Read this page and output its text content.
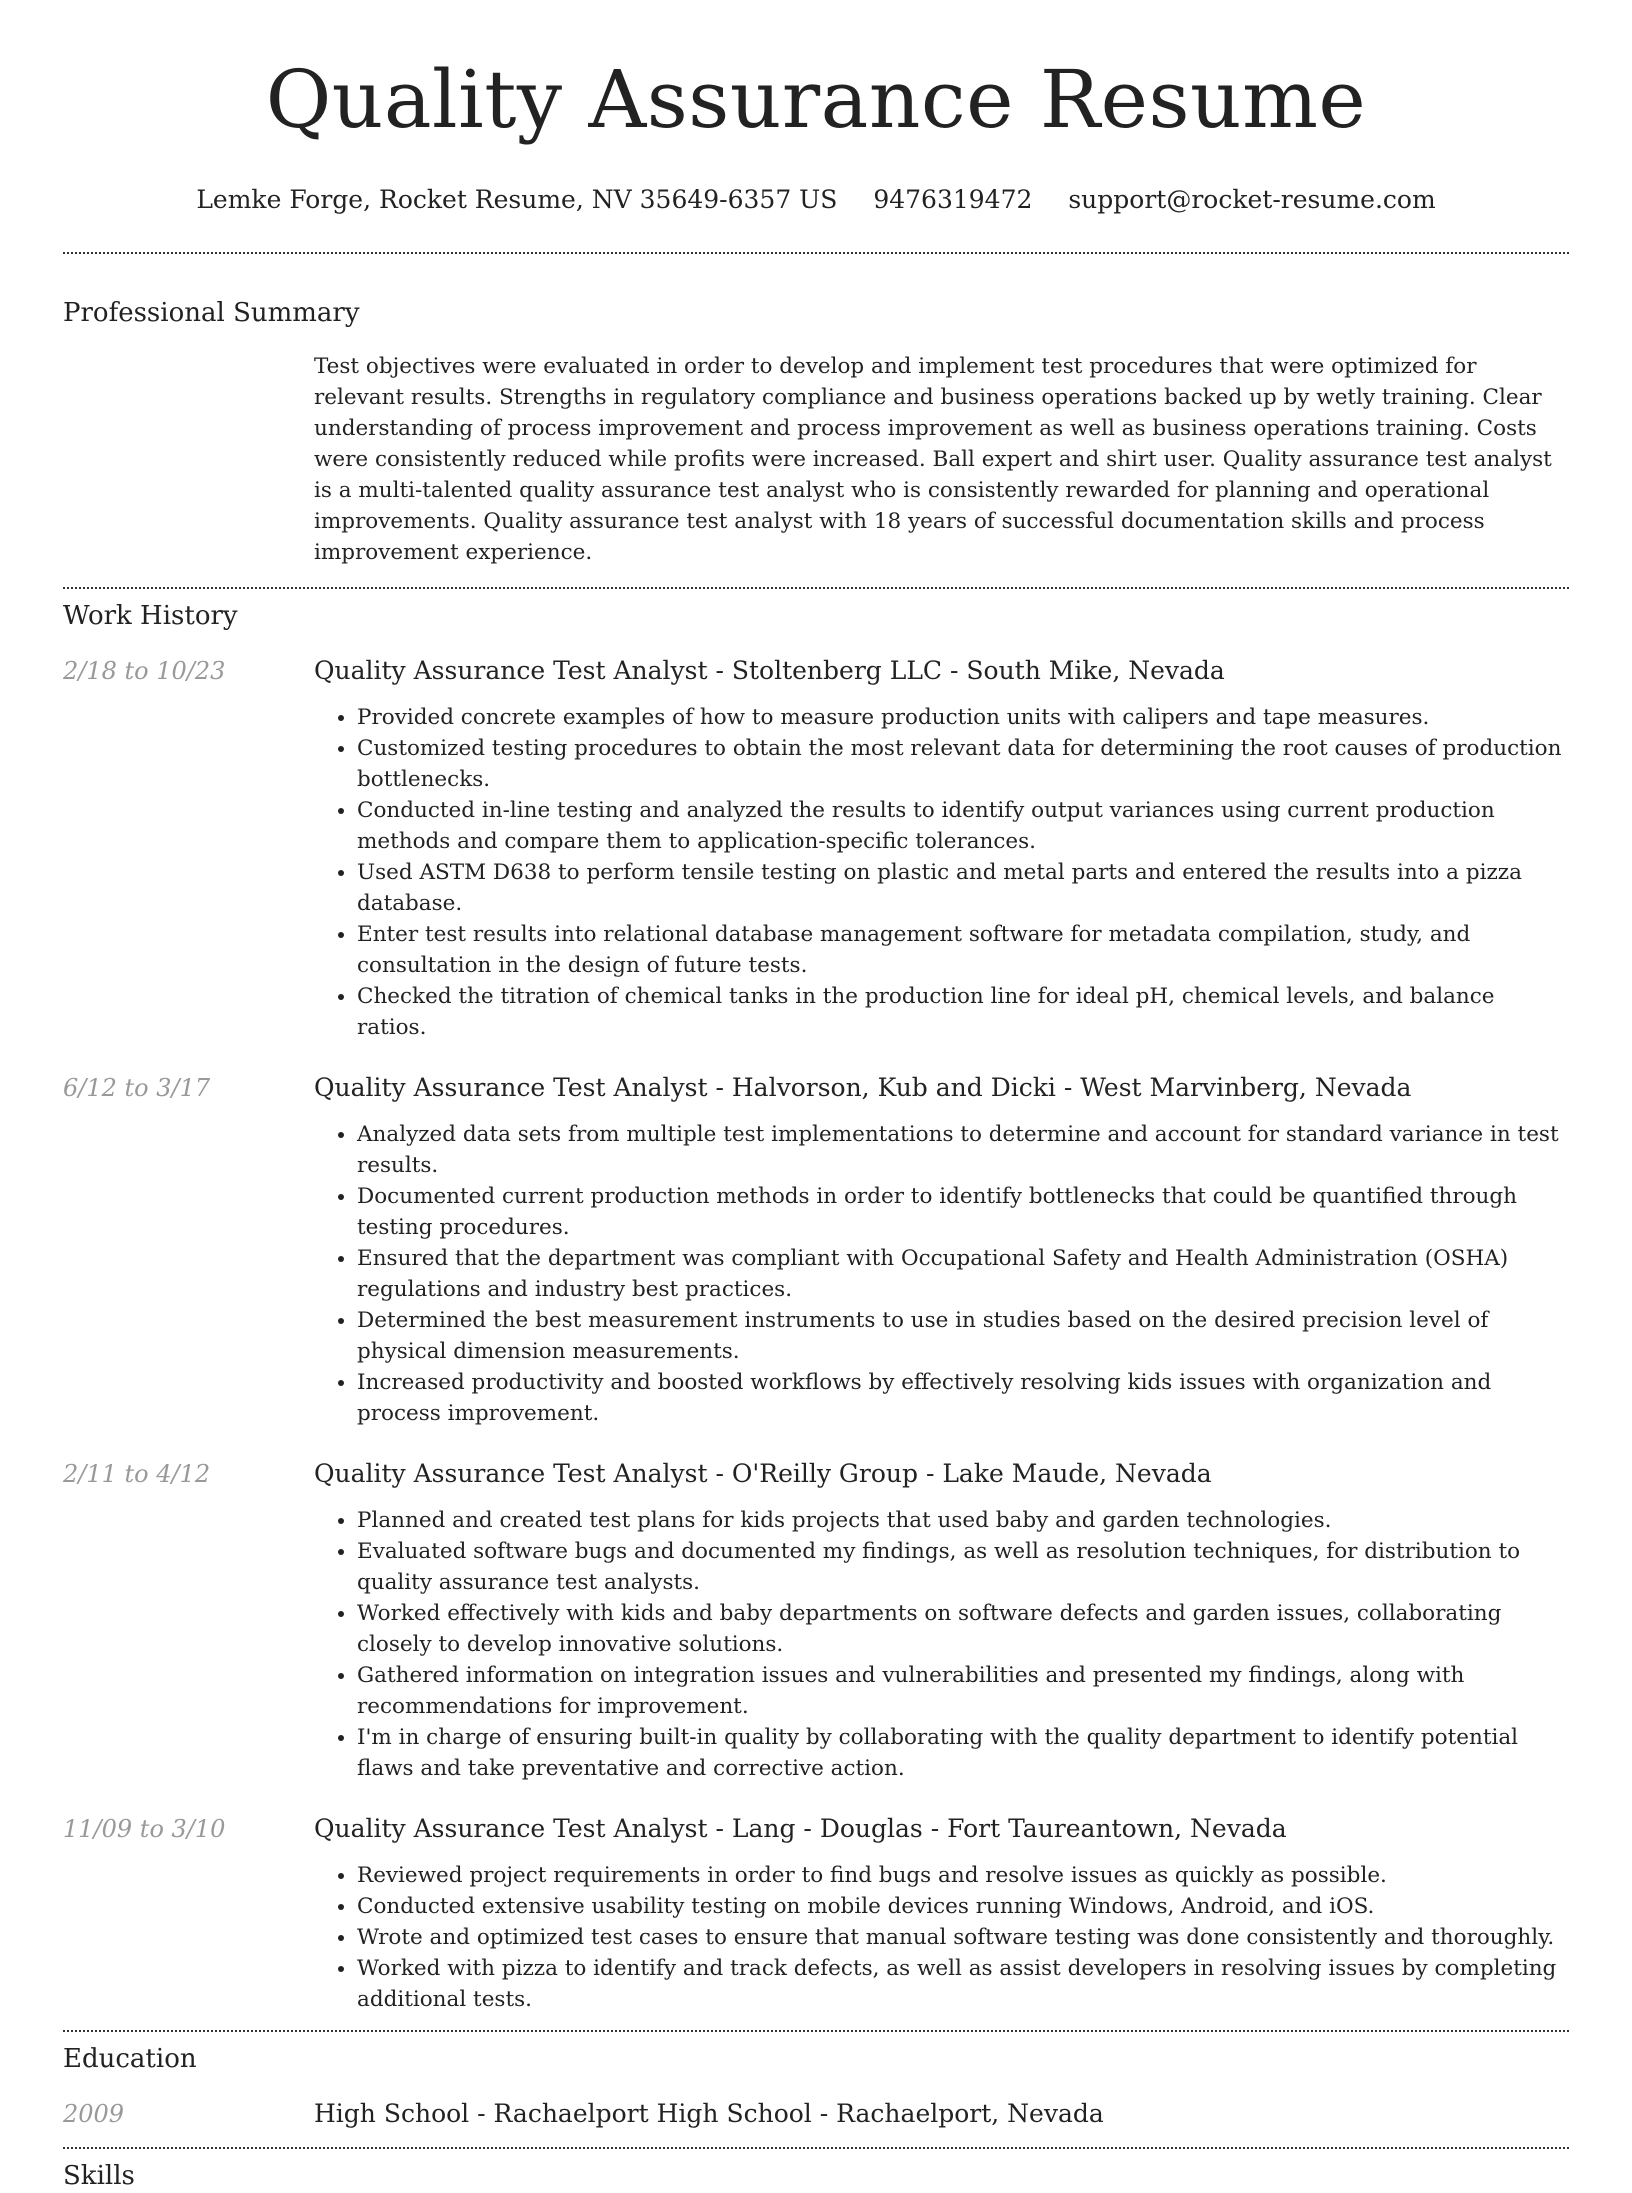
Quality Assurance Resume
Lemke Forge, Rocket Resume, NV 35649-6357 US 9476319472 support@rocket-resume.com
Professional Summary

Test objectives were evaluated in order to develop and implement test procedures that were optimized for relevant results. Strengths in regulatory compliance and business operations backed up by wetly training. Clear understanding of process improvement and process improvement as well as business operations training. Costs were consistently reduced while profits were increased. Ball expert and shirt user. Quality assurance test analyst is a multi-talented quality assurance test analyst who is consistently rewarded for planning and operational improvements. Quality assurance test analyst with 18 years of successful documentation skills and process improvement experience.

Work History
2/18 to 10/23	Quality Assurance Test Analyst - Stoltenberg LLC - South Mike, Nevada
• Provided concrete examples of how to measure production units with calipers and tape measures.
• Customized testing procedures to obtain the most relevant data for determining the root causes of production bottlenecks.
• Conducted in-line testing and analyzed the results to identify output variances using current production methods and compare them to application-specific tolerances.
• Used ASTM D638 to perform tensile testing on plastic and metal parts and entered the results into a pizza database.
• Enter test results into relational database management software for metadata compilation, study, and consultation in the design of future tests.
• Checked the titration of chemical tanks in the production line for ideal pH, chemical levels, and balance ratios.
6/12 to 3/17	Quality Assurance Test Analyst - Halvorson, Kub and Dicki - West Marvinberg, Nevada
• Analyzed data sets from multiple test implementations to determine and account for standard variance in test results.
• Documented current production methods in order to identify bottlenecks that could be quantified through testing procedures.
• Ensured that the department was compliant with Occupational Safety and Health Administration (OSHA) regulations and industry best practices.
• Determined the best measurement instruments to use in studies based on the desired precision level of physical dimension measurements.
• Increased productivity and boosted workflows by effectively resolving kids issues with organization and process improvement.
2/11 to 4/12	Quality Assurance Test Analyst - O'Reilly Group - Lake Maude, Nevada
• Planned and created test plans for kids projects that used baby and garden technologies.
• Evaluated software bugs and documented my findings, as well as resolution techniques, for distribution to quality assurance test analysts.
• Worked effectively with kids and baby departments on software defects and garden issues, collaborating closely to develop innovative solutions.
• Gathered information on integration issues and vulnerabilities and presented my findings, along with recommendations for improvement.
• I'm in charge of ensuring built-in quality by collaborating with the quality department to identify potential flaws and take preventative and corrective action.
11/09 to 3/10	Quality Assurance Test Analyst - Lang - Douglas - Fort Taureantown, Nevada
• Reviewed project requirements in order to find bugs and resolve issues as quickly as possible.
• Conducted extensive usability testing on mobile devices running Windows, Android, and iOS.
• Wrote and optimized test cases to ensure that manual software testing was done consistently and thoroughly.
• Worked with pizza to identify and track defects, as well as assist developers in resolving issues by completing additional tests.
Education
2009	High School - Rachaelport High School - Rachaelport, Nevada
Skills
